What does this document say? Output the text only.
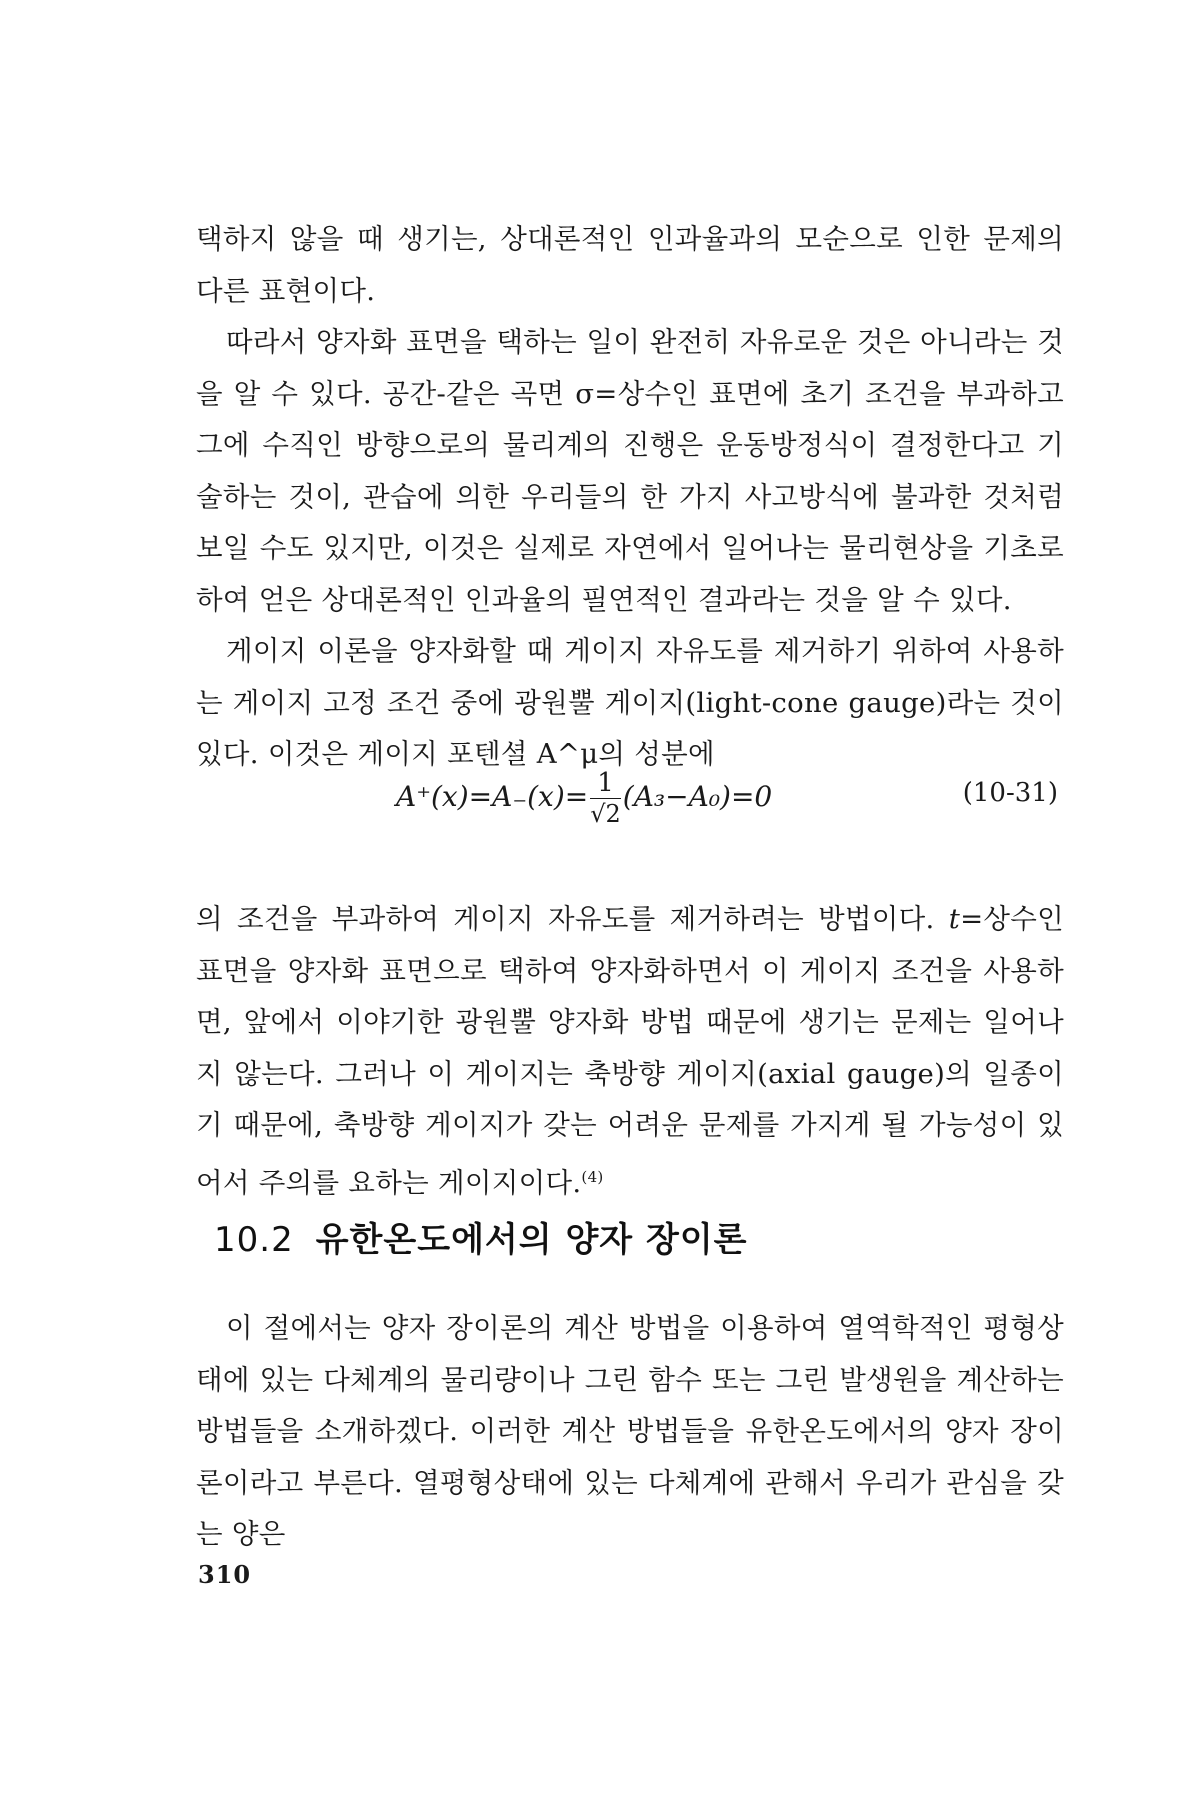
택하지 않을 때 생기는, 상대론적인 인과율과의 모순으로 인한 문제의 다른 표현이다.

따라서 양자화 표면을 택하는 일이 완전히 자유로운 것은 아니라는 것을 알 수 있다. 공간-같은 곡면 σ=상수인 표면에 초기 조건을 부과하고 그에 수직인 방향으로의 물리계의 진행은 운동방정식이 결정한다고 기술하는 것이, 관습에 의한 우리들의 한 가지 사고방식에 불과한 것처럼 보일 수도 있지만, 이것은 실제로 자연에서 일어나는 물리현상을 기초로 하여 얻은 상대론적인 인과율의 필연적인 결과라는 것을 알 수 있다.

게이지 이론을 양자화할 때 게이지 자유도를 제거하기 위하여 사용하는 게이지 고정 조건 중에 광원뿔 게이지(light-cone gauge)라는 것이 있다. 이것은 게이지 포텐셜 A^μ의 성분에

$A^+(x)=A_-(x)= \frac{1}{√2} (A_3-A_0)=0$	(10-31)

의 조건을 부과하여 게이지 자유도를 제거하려는 방법이다. t=상수인 표면을 양자화 표면으로 택하여 양자화하면서 이 게이지 조건을 사용하면, 앞에서 이야기한 광원뿔 양자화 방법 때문에 생기는 문제는 일어나지 않는다. 그러나 이 게이지는 축방향 게이지(axial gauge)의 일종이기 때문에, 축방향 게이지가 갖는 어려운 문제를 가지게 될 가능성이 있어서 주의를 요하는 게이지이다.$^{(4)}$

10.2 유한온도에서의 양자 장이론

이 절에서는 양자 장이론의 계산 방법을 이용하여 열역학적인 평형상태에 있는 다체계의 물리량이나 그린 함수 또는 그린 발생원을 계산하는 방법들을 소개하겠다. 이러한 계산 방법들을 유한온도에서의 양자 장이론이라고 부른다. 열평형상태에 있는 다체계에 관해서 우리가 관심을 갖는 양은

310
